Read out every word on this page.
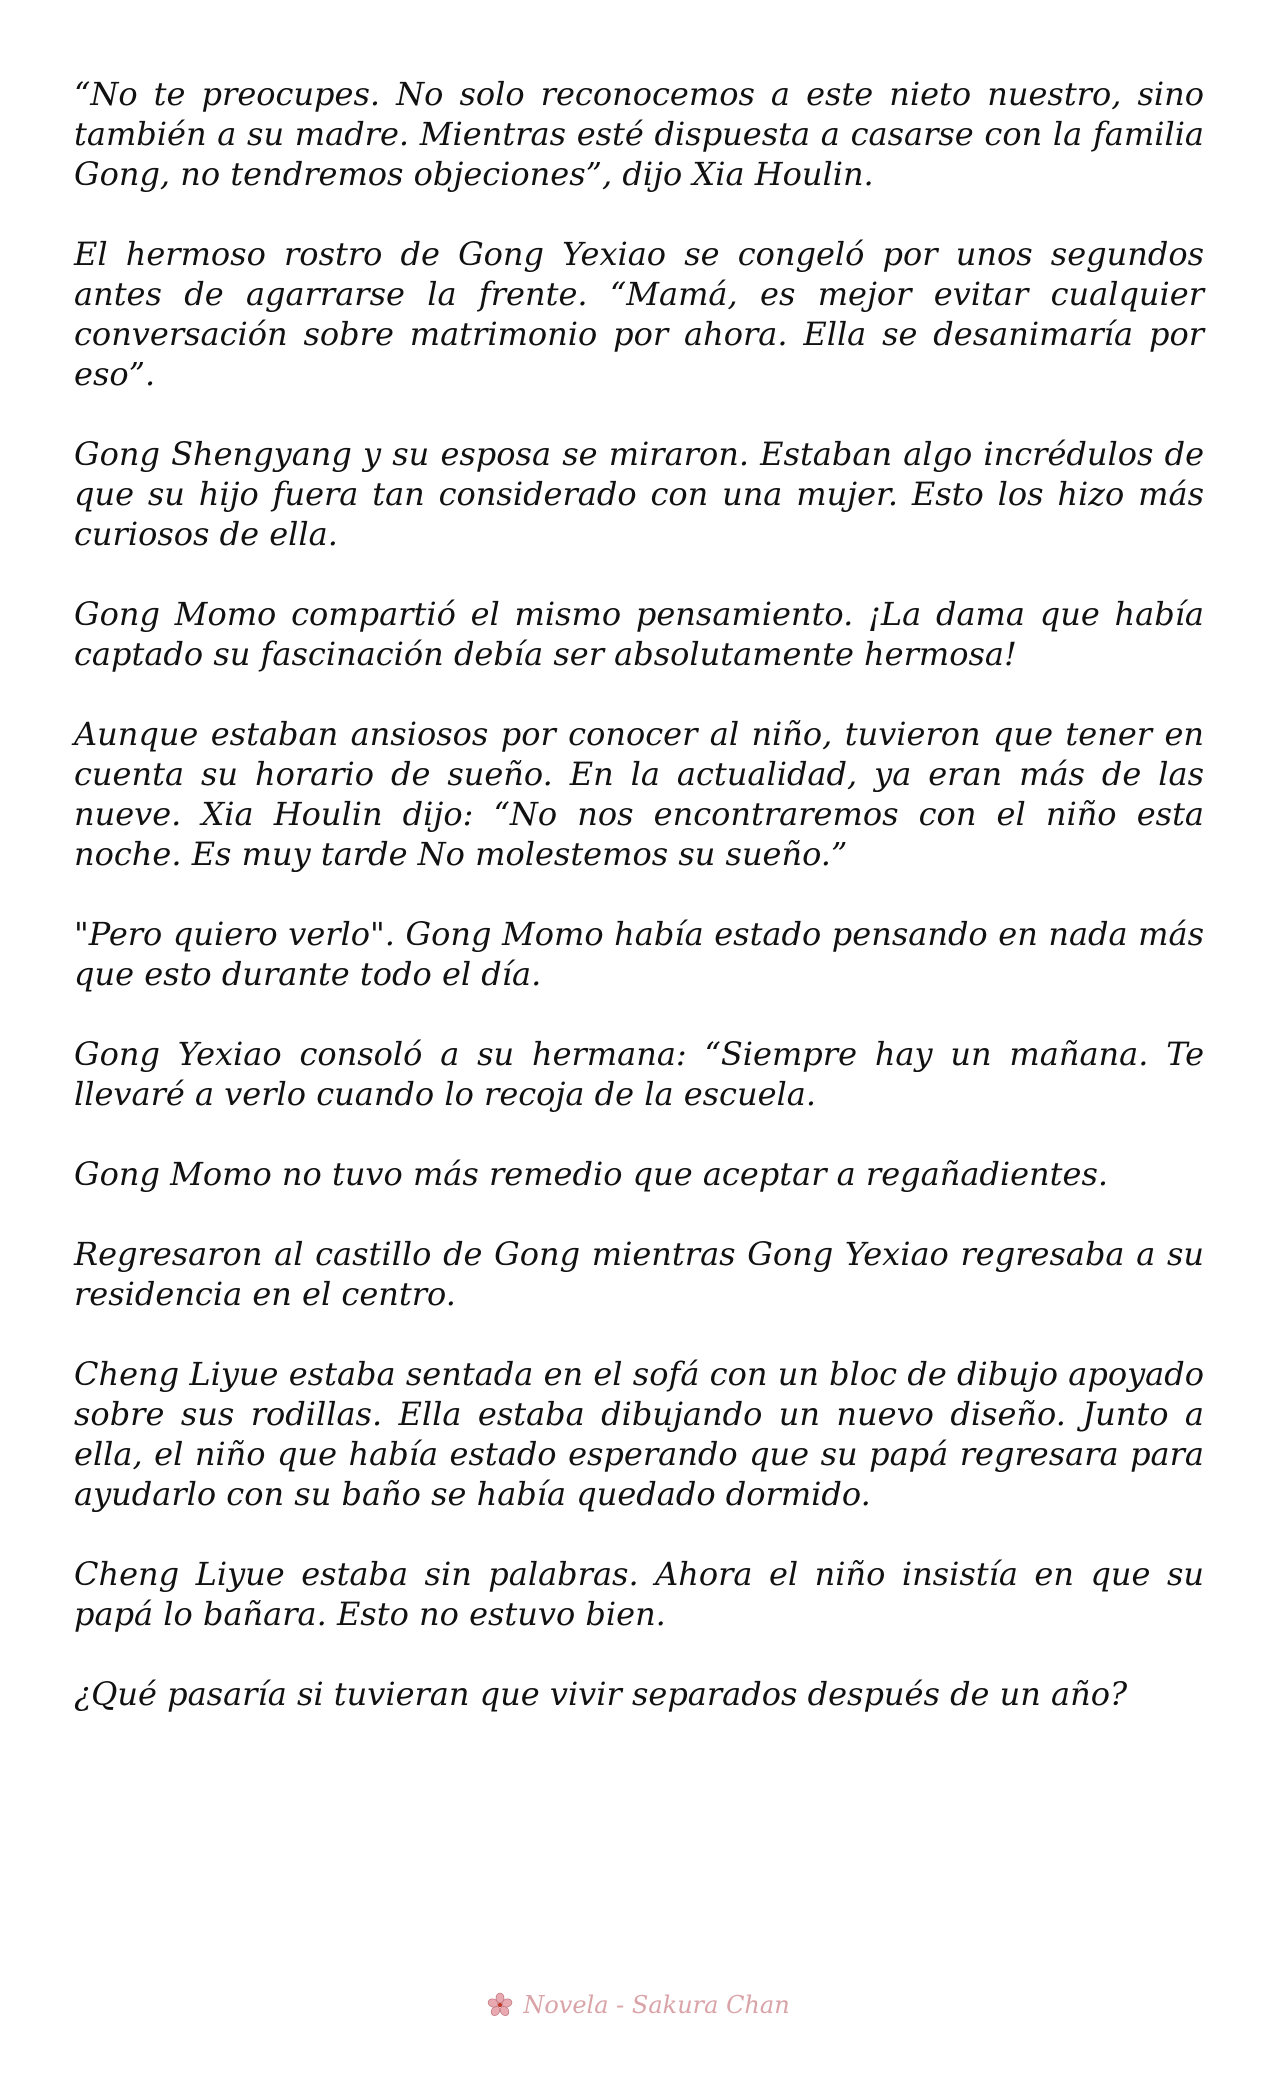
“No te preocupes. No solo reconocemos a este nieto nuestro, sino también a su madre. Mientras esté dispuesta a casarse con la familia Gong, no tendremos objeciones”, dijo Xia Houlin.

El hermoso rostro de Gong Yexiao se congeló por unos segundos antes de agarrarse la frente. “Mamá, es mejor evitar cualquier conversación sobre matrimonio por ahora. Ella se desanimaría por eso”.

Gong Shengyang y su esposa se miraron. Estaban algo incrédulos de que su hijo fuera tan considerado con una mujer. Esto los hizo más curiosos de ella.

Gong Momo compartió el mismo pensamiento. ¡La dama que había captado su fascinación debía ser absolutamente hermosa!

Aunque estaban ansiosos por conocer al niño, tuvieron que tener en cuenta su horario de sueño. En la actualidad, ya eran más de las nueve. Xia Houlin dijo: “No nos encontraremos con el niño esta noche. Es muy tarde No molestemos su sueño.”

"Pero quiero verlo". Gong Momo había estado pensando en nada más que esto durante todo el día.

Gong Yexiao consoló a su hermana: “Siempre hay un mañana. Te llevaré a verlo cuando lo recoja de la escuela.

Gong Momo no tuvo más remedio que aceptar a regañadientes.

Regresaron al castillo de Gong mientras Gong Yexiao regresaba a su residencia en el centro.

Cheng Liyue estaba sentada en el sofá con un bloc de dibujo apoyado sobre sus rodillas. Ella estaba dibujando un nuevo diseño. Junto a ella, el niño que había estado esperando que su papá regresara para ayudarlo con su baño se había quedado dormido.

Cheng Liyue estaba sin palabras. Ahora el niño insistía en que su papá lo bañara. Esto no estuvo bien.

¿Qué pasaría si tuvieran que vivir separados después de un año?

Novela - Sakura Chan
